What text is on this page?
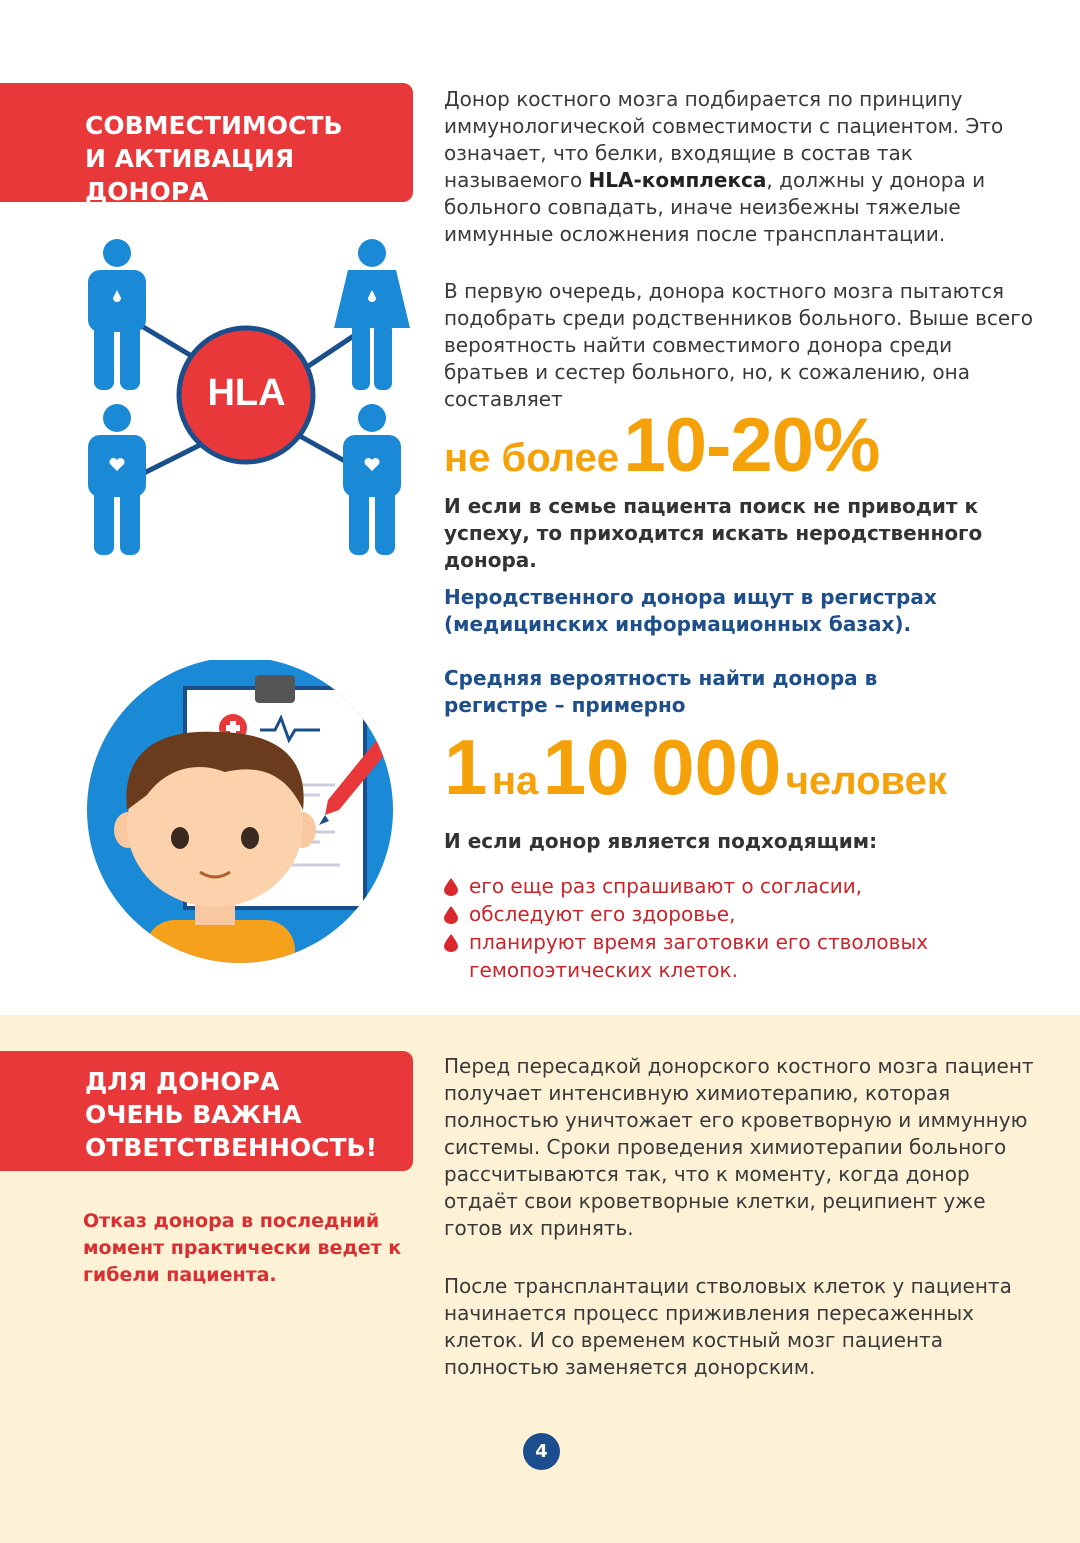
СОВМЕСТИМОСТЬ
И АКТИВАЦИЯ ДОНОРА

Донор костного мозга подбирается по принципу иммунологической совместимости с пациентом. Это означает, что белки, входящие в состав так называемого HLA-комплекса, должны у донора и больного совпадать, иначе неизбежны тяжелые иммунные осложнения после трансплантации.

В первую очередь, донора костного мозга пытаются подобрать среди родственников больного. Выше всего вероятность найти совместимого донора среди братьев и сестер больного, но, к сожалению, она составляет

не более 10-20%

И если в семье пациента поиск не приводит к успеху, то приходится искать неродственного донора.

HLA

Неродственного донора ищут в регистрах (медицинских информационных базах).

Средняя вероятность найти донора в регистре – примерно

1 на 10 000 человек

И если донор является подходящим:

его еще раз спрашивают о согласии,
обследуют его здоровье,
планируют время заготовки его стволовых гемопоэтических клеток.
ДЛЯ ДОНОРА
ОЧЕНЬ ВАЖНА
ОТВЕТСТВЕННОСТЬ!
Отказ донора в последний момент практически ведет к гибели пациента.

Перед пересадкой донорского костного мозга пациент получает интенсивную химиотерапию, которая полностью уничтожает его кроветворную и иммунную системы. Сроки проведения химиотерапии больного рассчитываются так, что к моменту, когда донор отдаёт свои кроветворные клетки, реципиент уже готов их принять.

После трансплантации стволовых клеток у пациента начинается процесс приживления пересаженных клеток. И со временем костный мозг пациента полностью заменяется донорским.

4
